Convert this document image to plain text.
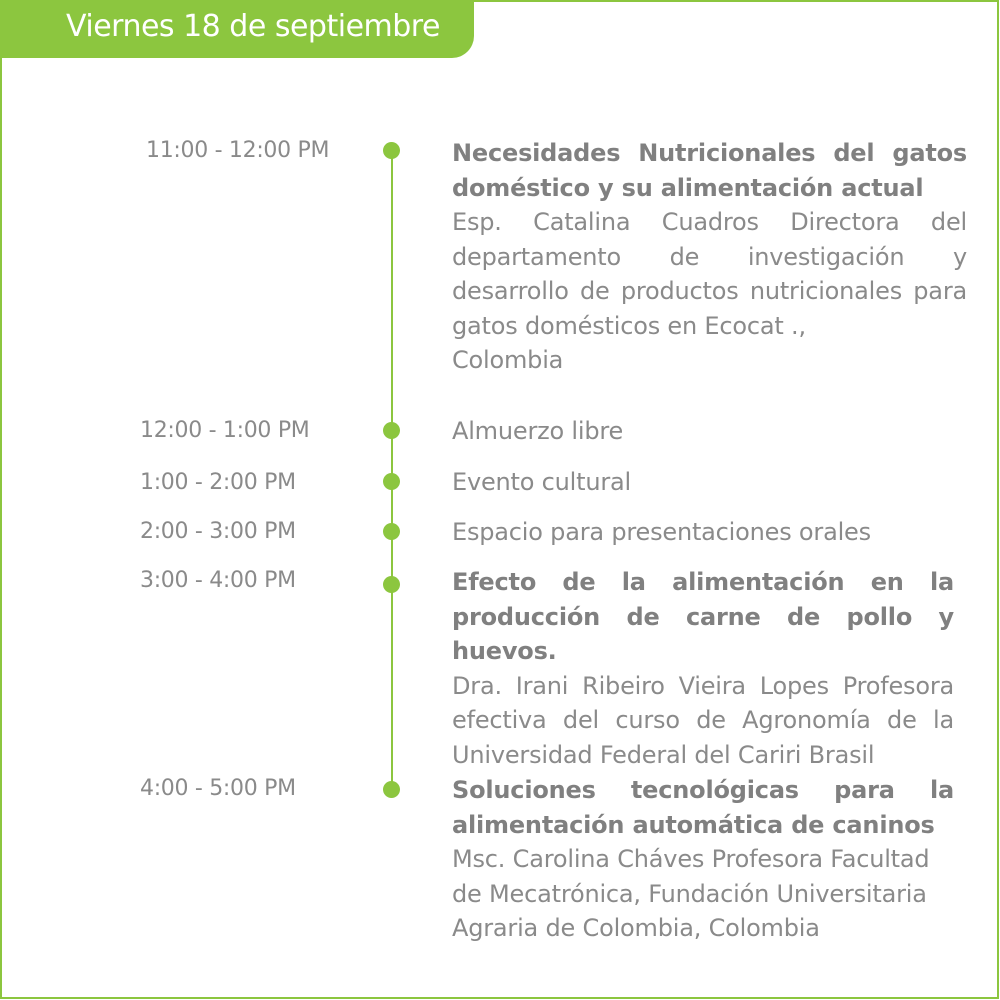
Viernes 18 de septiembre
11:00 - 12:00 PM
12:00 - 1:00 PM
1:00 - 2:00 PM
2:00 - 3:00 PM
3:00 - 4:00 PM
4:00 - 5:00 PM
Necesidades Nutricionales del gatos doméstico y su alimentación actual
Esp. Catalina Cuadros Directora del departamento de investigación y desarrollo de productos nutricionales para gatos domésticos en Ecocat .,
Colombia
Almuerzo libre
Evento cultural
Espacio para presentaciones orales
Efecto de la alimentación en la producción de carne de pollo y huevos.
Dra. Irani Ribeiro Vieira Lopes Profesora efectiva del curso de Agronomía de la Universidad Federal del Cariri Brasil
Soluciones tecnológicas para la alimentación automática de caninos
Msc. Carolina Cháves Profesora Facultad de Mecatrónica, Fundación Universitaria Agraria de Colombia, Colombia
